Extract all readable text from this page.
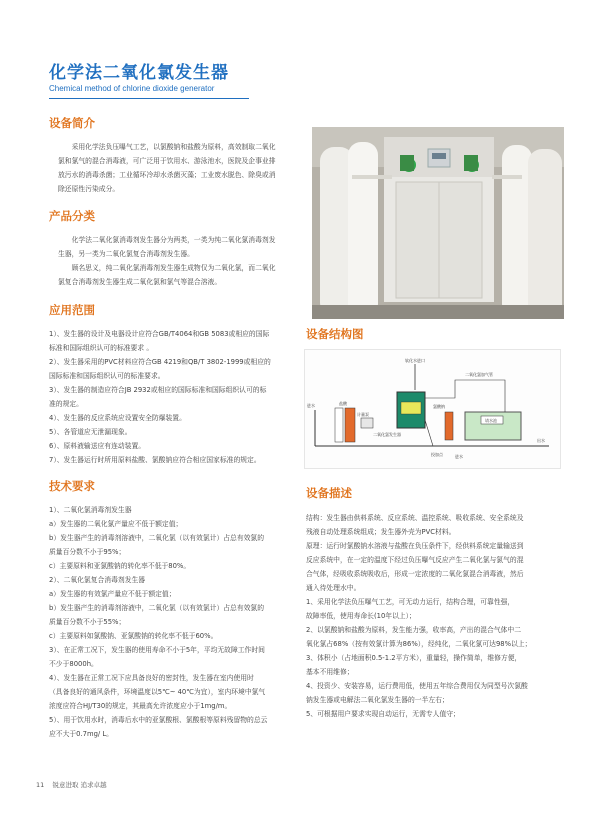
化学法二氧化氯发生器
Chemical method of chlorine dioxide generator
设备简介

采用化学法负压曝气工艺，以氯酸钠和盐酸为原料，高效制取二氧化

氯和氯气的混合消毒液，可广泛用于饮用水、游泳池水，医院及企事业排

放污水的消毒杀菌；工业循环冷却水杀菌灭藻；工业废水脱色、除臭或消

除还原性污染成分。

产品分类

化学法二氧化氯消毒剂发生器分为两类，一类为纯二氧化氯消毒剂发

生器，另一类为二氧化氯复合消毒剂发生器。

顾名思义，纯二氧化氯消毒剂发生器生成物仅为二氧化氯，而二氧化

氯复合消毒剂发生器生成二氧化氯和氯气等混合溶液。

应用范围

1）、发生器的设计及电器设计应符合GB/T4064和GB 5083或相应的国际

标准和国际组织认可的标准要求 。

2）、发生器采用的PVC材料应符合GB 4219和QB/T 3802-1999或相应的

国际标准和国际组织认可的标准要求。

3）、发生器的制造应符合JB 2932或相应的国际标准和国际组织认可的标

准的规定。

4）、发生器的反应系统应设置安全防爆装置。

5）、各管道应无泄漏现象。

6）、原料液输送应有连动装置。

7）、发生器运行时所用原料盐酸、氯酸钠应符合相应国家标准的规定。

技术要求

1）、二氧化氯消毒剂发生器

a）发生器的二氧化氯产量应不低于额定值；

b）发生器产生的消毒剂溶液中，二氧化氯（以有效氯计）占总有效氯的

质量百分数不小于95%；

c）主要原料和亚氯酸钠的转化率不低于80%。

2）、二氧化氯复合消毒剂发生器

a）发生器的有效氯产量应不低于额定值；

b）发生器产生的消毒剂溶液中，二氧化氯（以有效氯计）占总有效氯的

质量百分数不小于55%；

c）主要原料如氯酸钠、亚氯酸钠的转化率不低于60%。

3）、在正常工况下，发生器的使用寿命不小于5年，平均无故障工作时间

不少于8000h。

4）、发生器在正常工况下应具备良好的密封性，发生器在室内使用时

（具备良好的通风条件，环境温度以5℃~ 40℃为宜），室内环境中氯气

浓度应符合HJ/T30的规定，其最高允许浓度应小于1mg/m。

5）、用于饮用水时，消毒后水中的亚氯酸根、氯酸根等原料残留物的总云

应不大于0.7mg/ L。

设备结构图
请水池
软化水进口
二氧化氯发生器
盐酸
氯酸钠
计量泵
二氧化氯加气管
投加点
进水
出水
进水
设备描述

结构：发生器由供料系统、反应系统、温控系统、吸收系统、安全系统及

残液自动处理系统组成；发生器外壳为PVC材料。

原理：运行时氯酸钠水溶液与盐酸在负压条件下，经供料系统定量输送到

反应系统中，在一定的温度下经过负压曝气反应产生二氧化氯与氯气的混

合气体，经吸收系统吸收后，形成一定浓度的二氧化氯混合消毒液，然后

通入待处理水中。

1、采用化学法负压曝气工艺，可无动力运行，结构合理，可靠性强，

故障率低，使用寿命长(10年以上）；

2、以氯酸钠和盐酸为原料，发生能力强，收率高，产出的混合气体中二

氧化氯占68%（按有效氯计算为86%），经纯化，二氧化氯可达98%以上；

3、体积小（占地面积0.5-1.2平方米），重量轻，操作简单，维修方便，

基本不用维修；

4、投资少、安装容易，运行费用低，使用五年综合费用仅为同型号次氯酸

钠发生器或电解法二氧化氯发生器的一半左右；

5、可根据用户要求实现自动运行，无需专人值守；

11 锐意进取 追求卓越
